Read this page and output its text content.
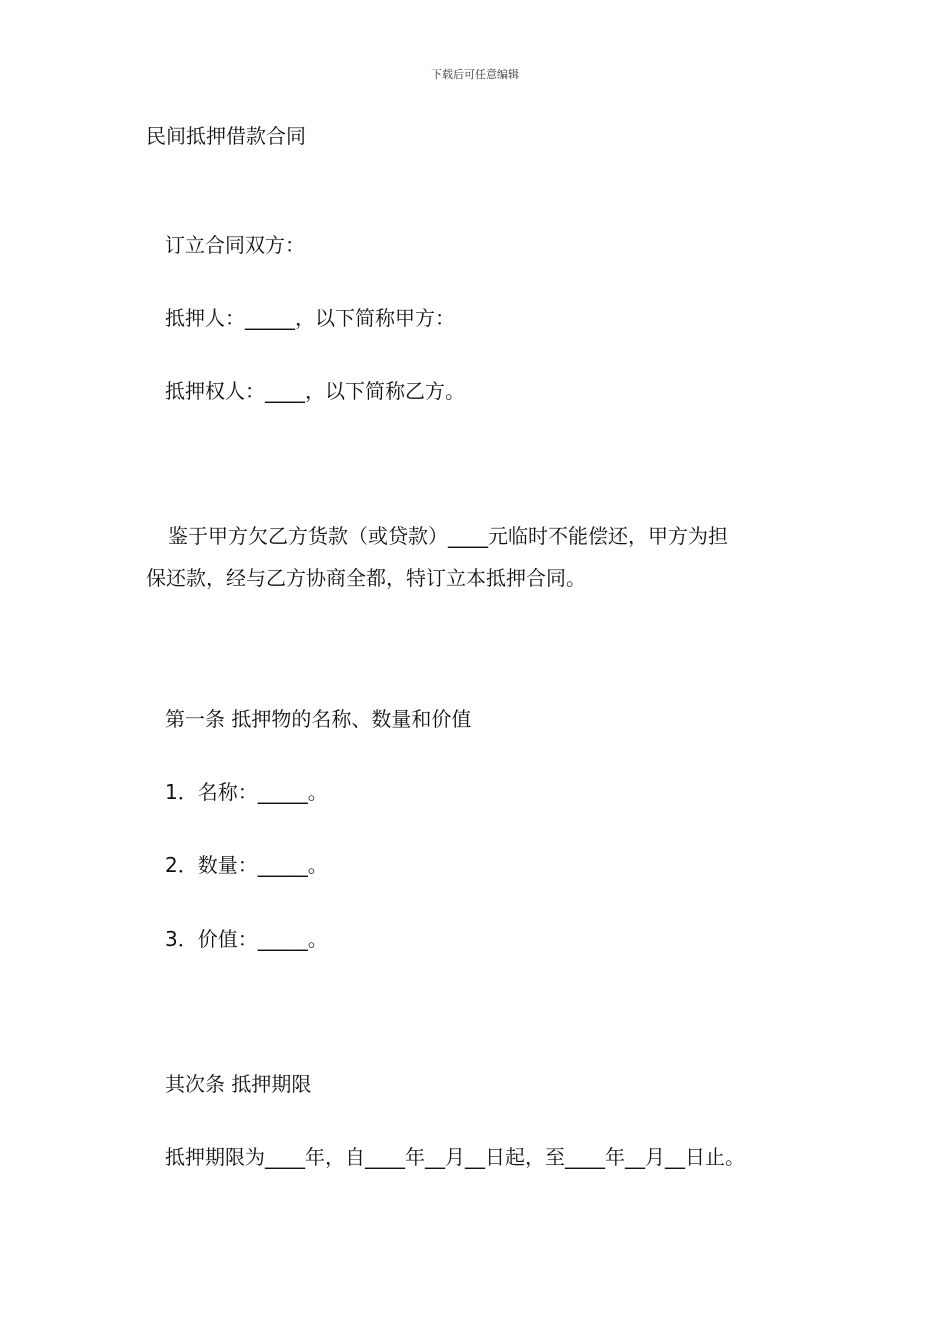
下载后可任意编辑
民间抵押借款合同
订立合同双方：
抵押人：_____，以下简称甲方：
抵押权人：____，以下简称乙方。
鉴于甲方欠乙方货款（或贷款）____元临时不能偿还，甲方为担
保还款，经与乙方协商全都，特订立本抵押合同。
第一条 抵押物的名称、数量和价值
1．名称：_____。
2．数量：_____。
3．价值：_____。
其次条 抵押期限
抵押期限为____年，自____年__月__日起，至____年__月__日止。
